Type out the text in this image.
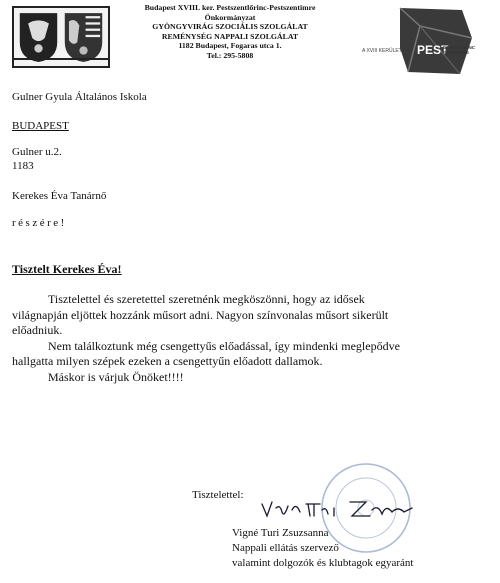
Budapest XVIII. ker. Pestszentlőrinc-Pestszentimre
Önkormányzat
GYÖNGYVIRÁG SZOCIÁLIS SZOLGÁLAT
REMÉNYSÉG NAPPALI SZOLGÁLAT
1182 Budapest, Fogaras utca 1.
Tel.: 295-5808	PEST
A XVIII KERÜLET
SZENTLŐRINC
SZENTIMRE
Gulner Gyula Általános Iskola
BUDAPEST
Gulner u.2.
1183
Kerekes Éva Tanárnő
részére!
Tisztelt Kerekes Éva!
Tisztelettel és szeretettel szeretnénk megköszönni, hogy az idősek
világnapján eljöttek hozzánk műsort adni. Nagyon színvonalas műsort sikerült
előadniuk.
Nem találkoztunk még csengettyűs előadással, így mindenki meglepődve
hallgatta milyen szépek ezeken a csengettyűn előadott dallamok.
Máskor is várjuk Önöket!!!!
Tisztelettel:
Vigné Turi Zsuzsanna
Nappali ellátás szervező
valamint dolgozók és klubtagok egyaránt
